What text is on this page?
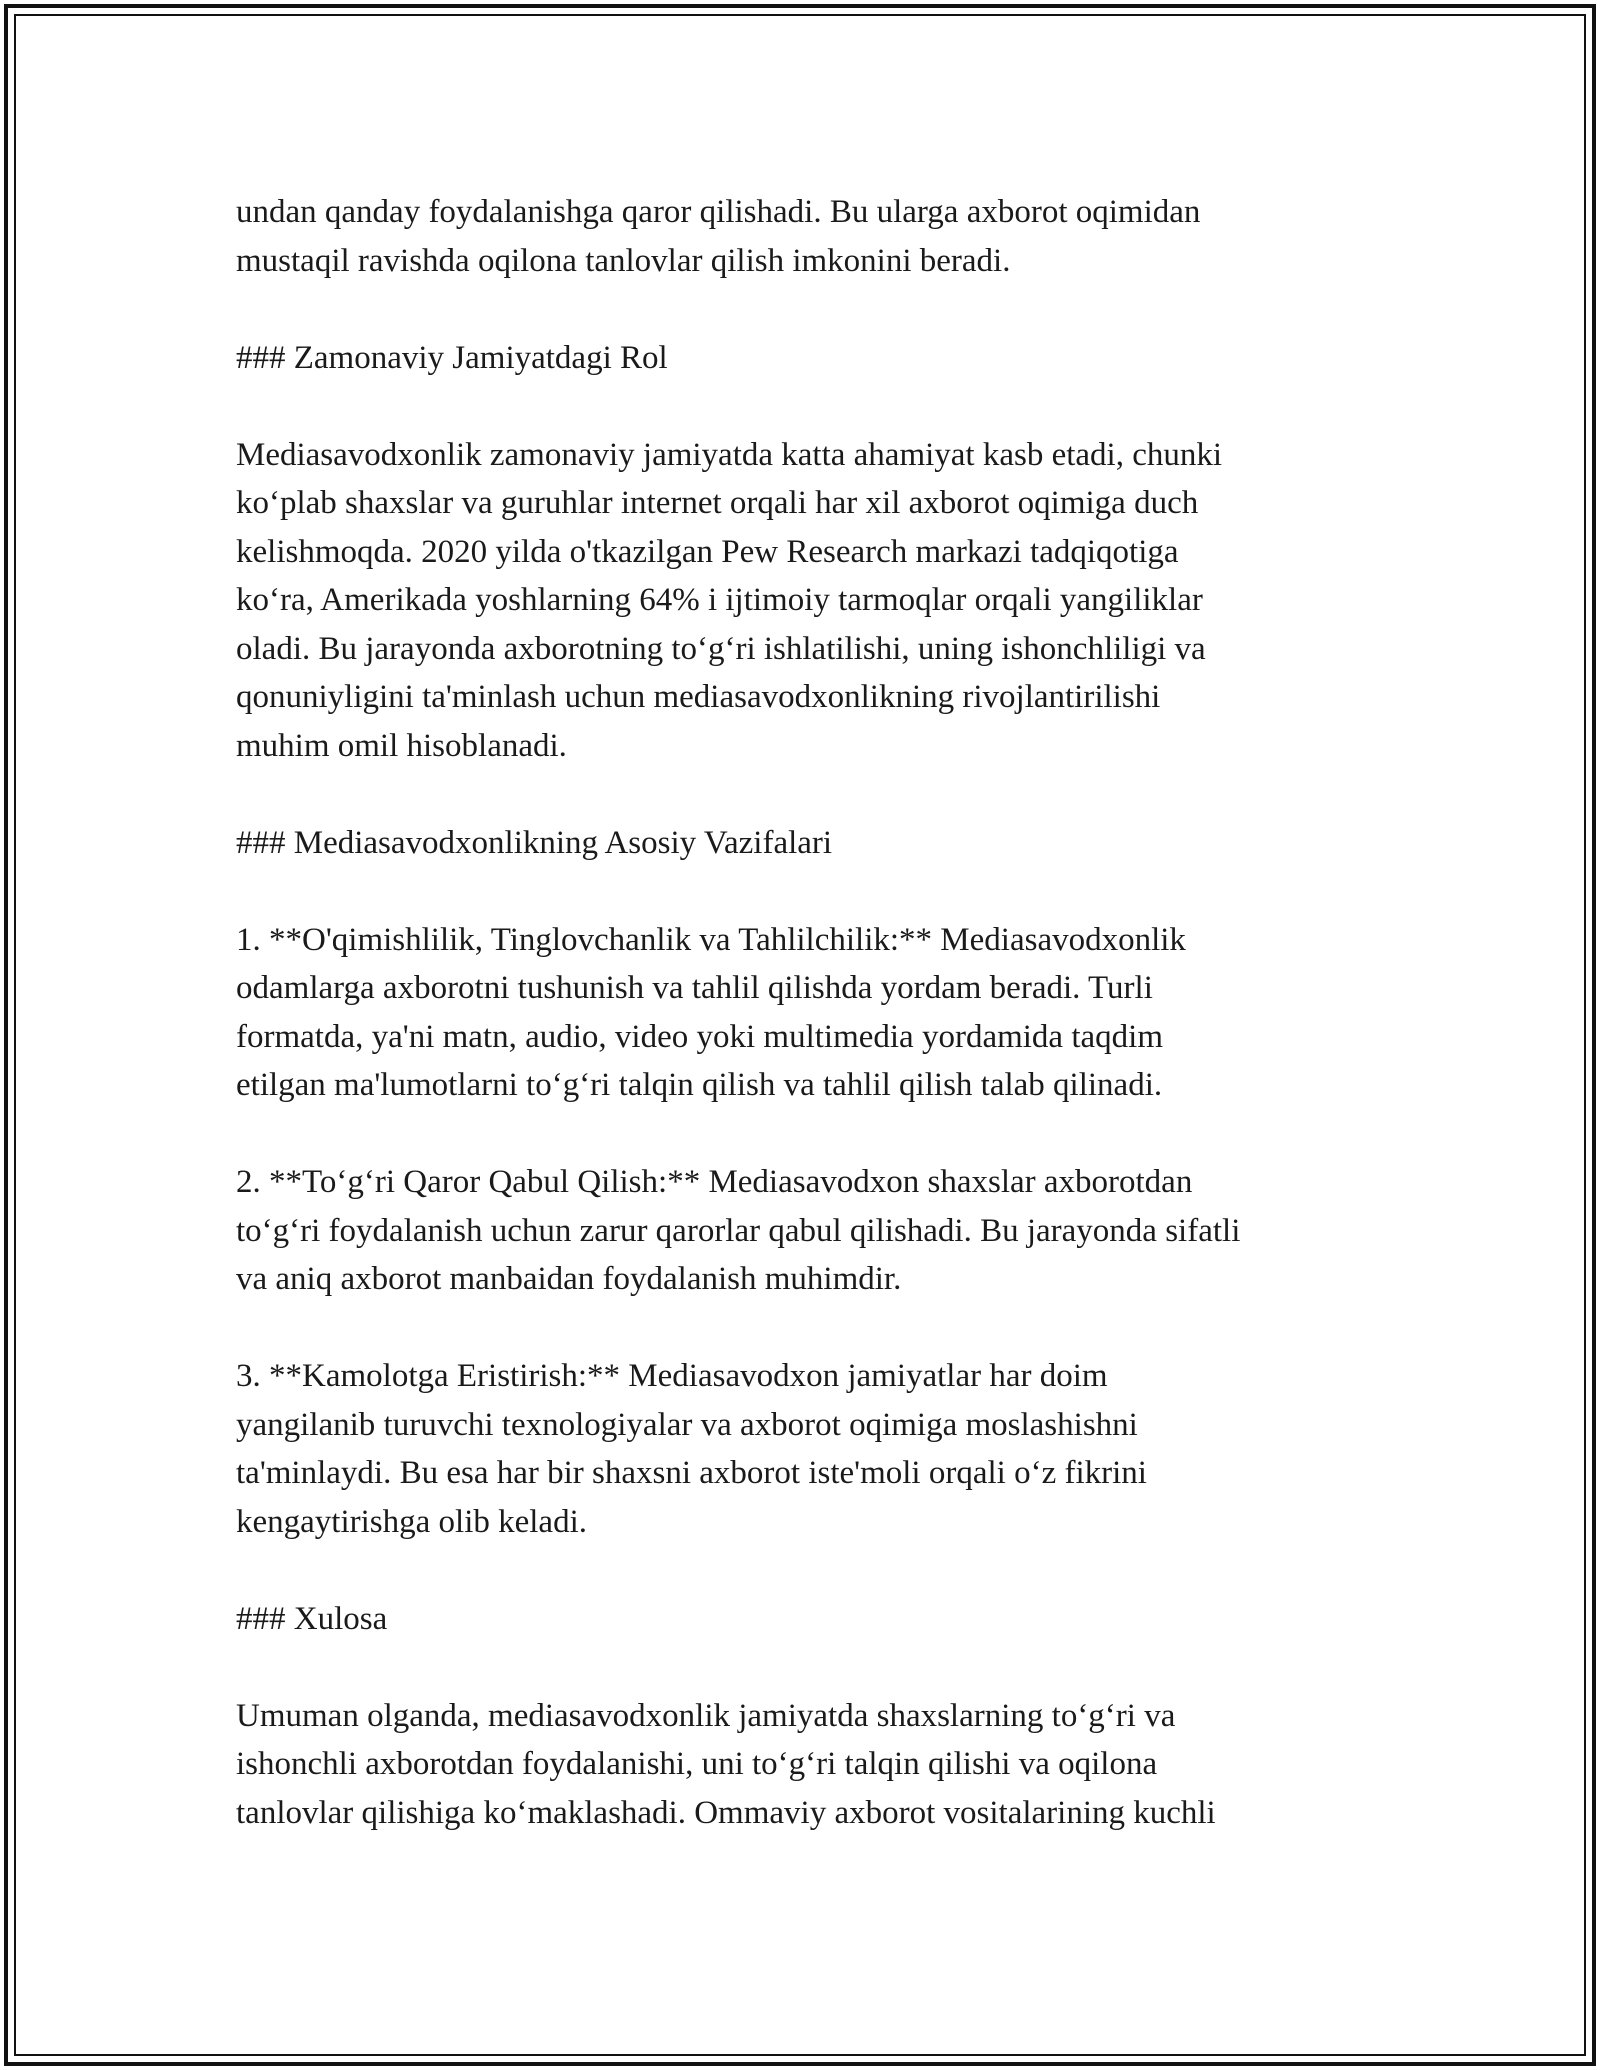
undan qanday foydalanishga qaror qilishadi. Bu ularga axborot oqimidan
mustaqil ravishda oqilona tanlovlar qilish imkonini beradi.

### Zamonaviy Jamiyatdagi Rol

Mediasavodxonlik zamonaviy jamiyatda katta ahamiyat kasb etadi, chunki
ko‘plab shaxslar va guruhlar internet orqali har xil axborot oqimiga duch
kelishmoqda. 2020 yilda o'tkazilgan Pew Research markazi tadqiqotiga
ko‘ra, Amerikada yoshlarning 64% i ijtimoiy tarmoqlar orqali yangiliklar
oladi. Bu jarayonda axborotning to‘g‘ri ishlatilishi, uning ishonchliligi va
qonuniyligini ta'minlash uchun mediasavodxonlikning rivojlantirilishi
muhim omil hisoblanadi.

### Mediasavodxonlikning Asosiy Vazifalari

1. **O'qimishlilik, Tinglovchanlik va Tahlilchilik:** Mediasavodxonlik
odamlarga axborotni tushunish va tahlil qilishda yordam beradi. Turli
formatda, ya'ni matn, audio, video yoki multimedia yordamida taqdim
etilgan ma'lumotlarni to‘g‘ri talqin qilish va tahlil qilish talab qilinadi.

2. **To‘g‘ri Qaror Qabul Qilish:** Mediasavodxon shaxslar axborotdan
to‘g‘ri foydalanish uchun zarur qarorlar qabul qilishadi. Bu jarayonda sifatli
va aniq axborot manbaidan foydalanish muhimdir.

3. **Kamolotga Eristirish:** Mediasavodxon jamiyatlar har doim
yangilanib turuvchi texnologiyalar va axborot oqimiga moslashishni
ta'minlaydi. Bu esa har bir shaxsni axborot iste'moli orqali o‘z fikrini
kengaytirishga olib keladi.

### Xulosa

Umuman olganda, mediasavodxonlik jamiyatda shaxslarning to‘g‘ri va
ishonchli axborotdan foydalanishi, uni to‘g‘ri talqin qilishi va oqilona
tanlovlar qilishiga ko‘maklashadi. Ommaviy axborot vositalarining kuchli
